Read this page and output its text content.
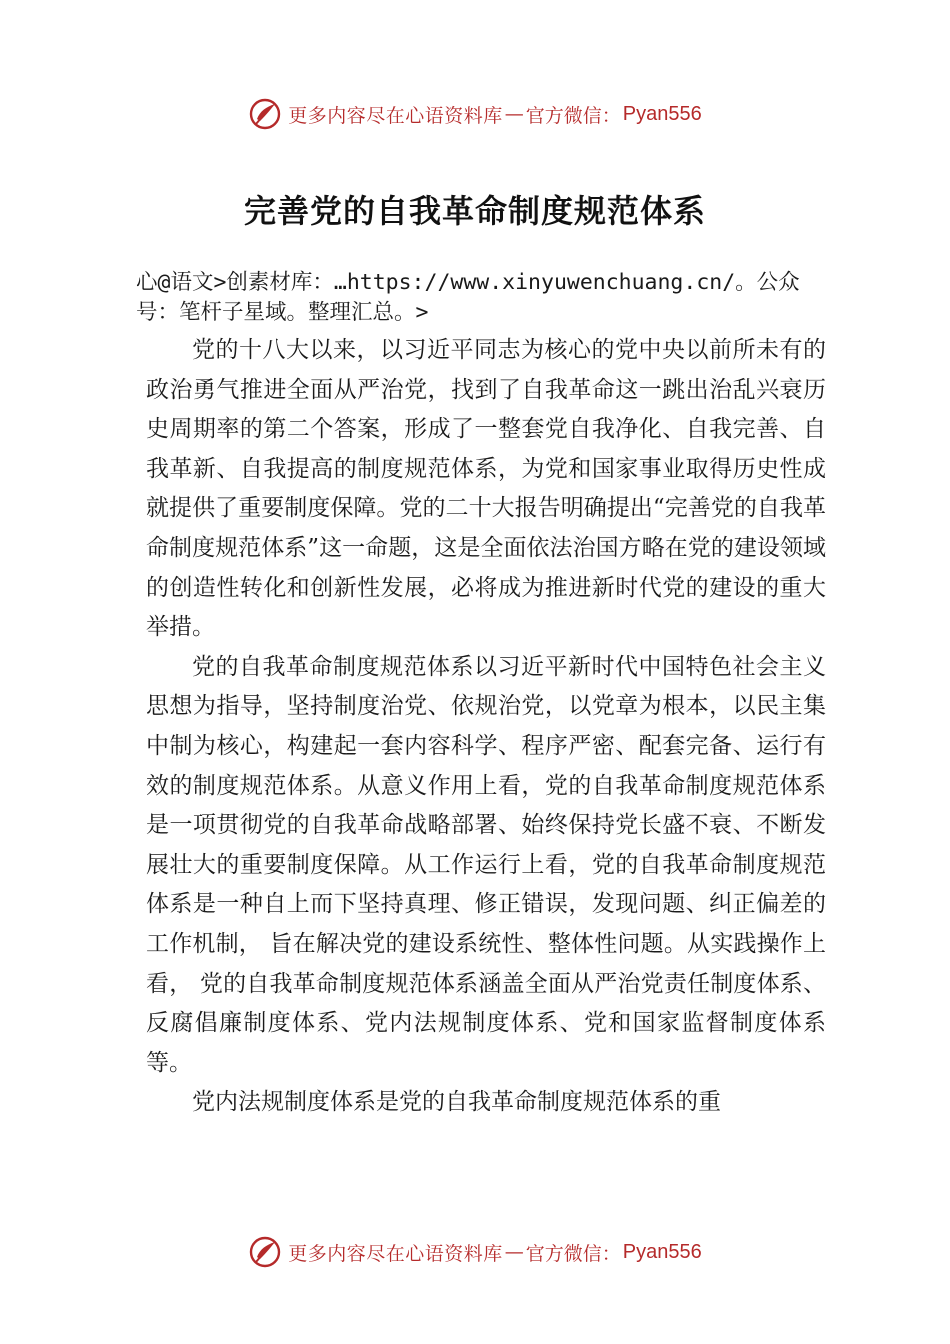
更多内容尽在心语资料库 — 官方微信： Pyan556
完善党的自我革命制度规范体系
心@语文>创素材库：…https://www.xinyuwenchuang.cn/。公众号：笔杆子星域。整理汇总。>

党的十八大以来，以习近平同志为核心的党中央以前所未有的政治勇气推进全面从严治党，找到了自我革命这一跳出治乱兴衰历史周期率的第二个答案，形成了一整套党自我净化、自我完善、自我革新、自我提高的制度规范体系，为党和国家事业取得历史性成就提供了重要制度保障。党的二十大报告明确提出“完善党的自我革命制度规范体系”这一命题，这是全面依法治国方略在党的建设领域的创造性转化和创新性发展，必将成为推进新时代党的建设的重大举措。

党的自我革命制度规范体系以习近平新时代中国特色社会主义思想为指导，坚持制度治党、依规治党，以党章为根本，以民主集中制为核心，构建起一套内容科学、程序严密、配套完备、运行有效的制度规范体系。从意义作用上看，党的自我革命制度规范体系是一项贯彻党的自我革命战略部署、始终保持党长盛不衰、不断发展壮大的重要制度保障。从工作运行上看，党的自我革命制度规范体系是一种自上而下坚持真理、修正错误，发现问题、纠正偏差的工作机制， 旨在解决党的建设系统性、整体性问题。从实践操作上看， 党的自我革命制度规范体系涵盖全面从严治党责任制度体系、反腐倡廉制度体系、党内法规制度体系、党和国家监督制度体系等。

党内法规制度体系是党的自我革命制度规范体系的重

更多内容尽在心语资料库 — 官方微信： Pyan556
